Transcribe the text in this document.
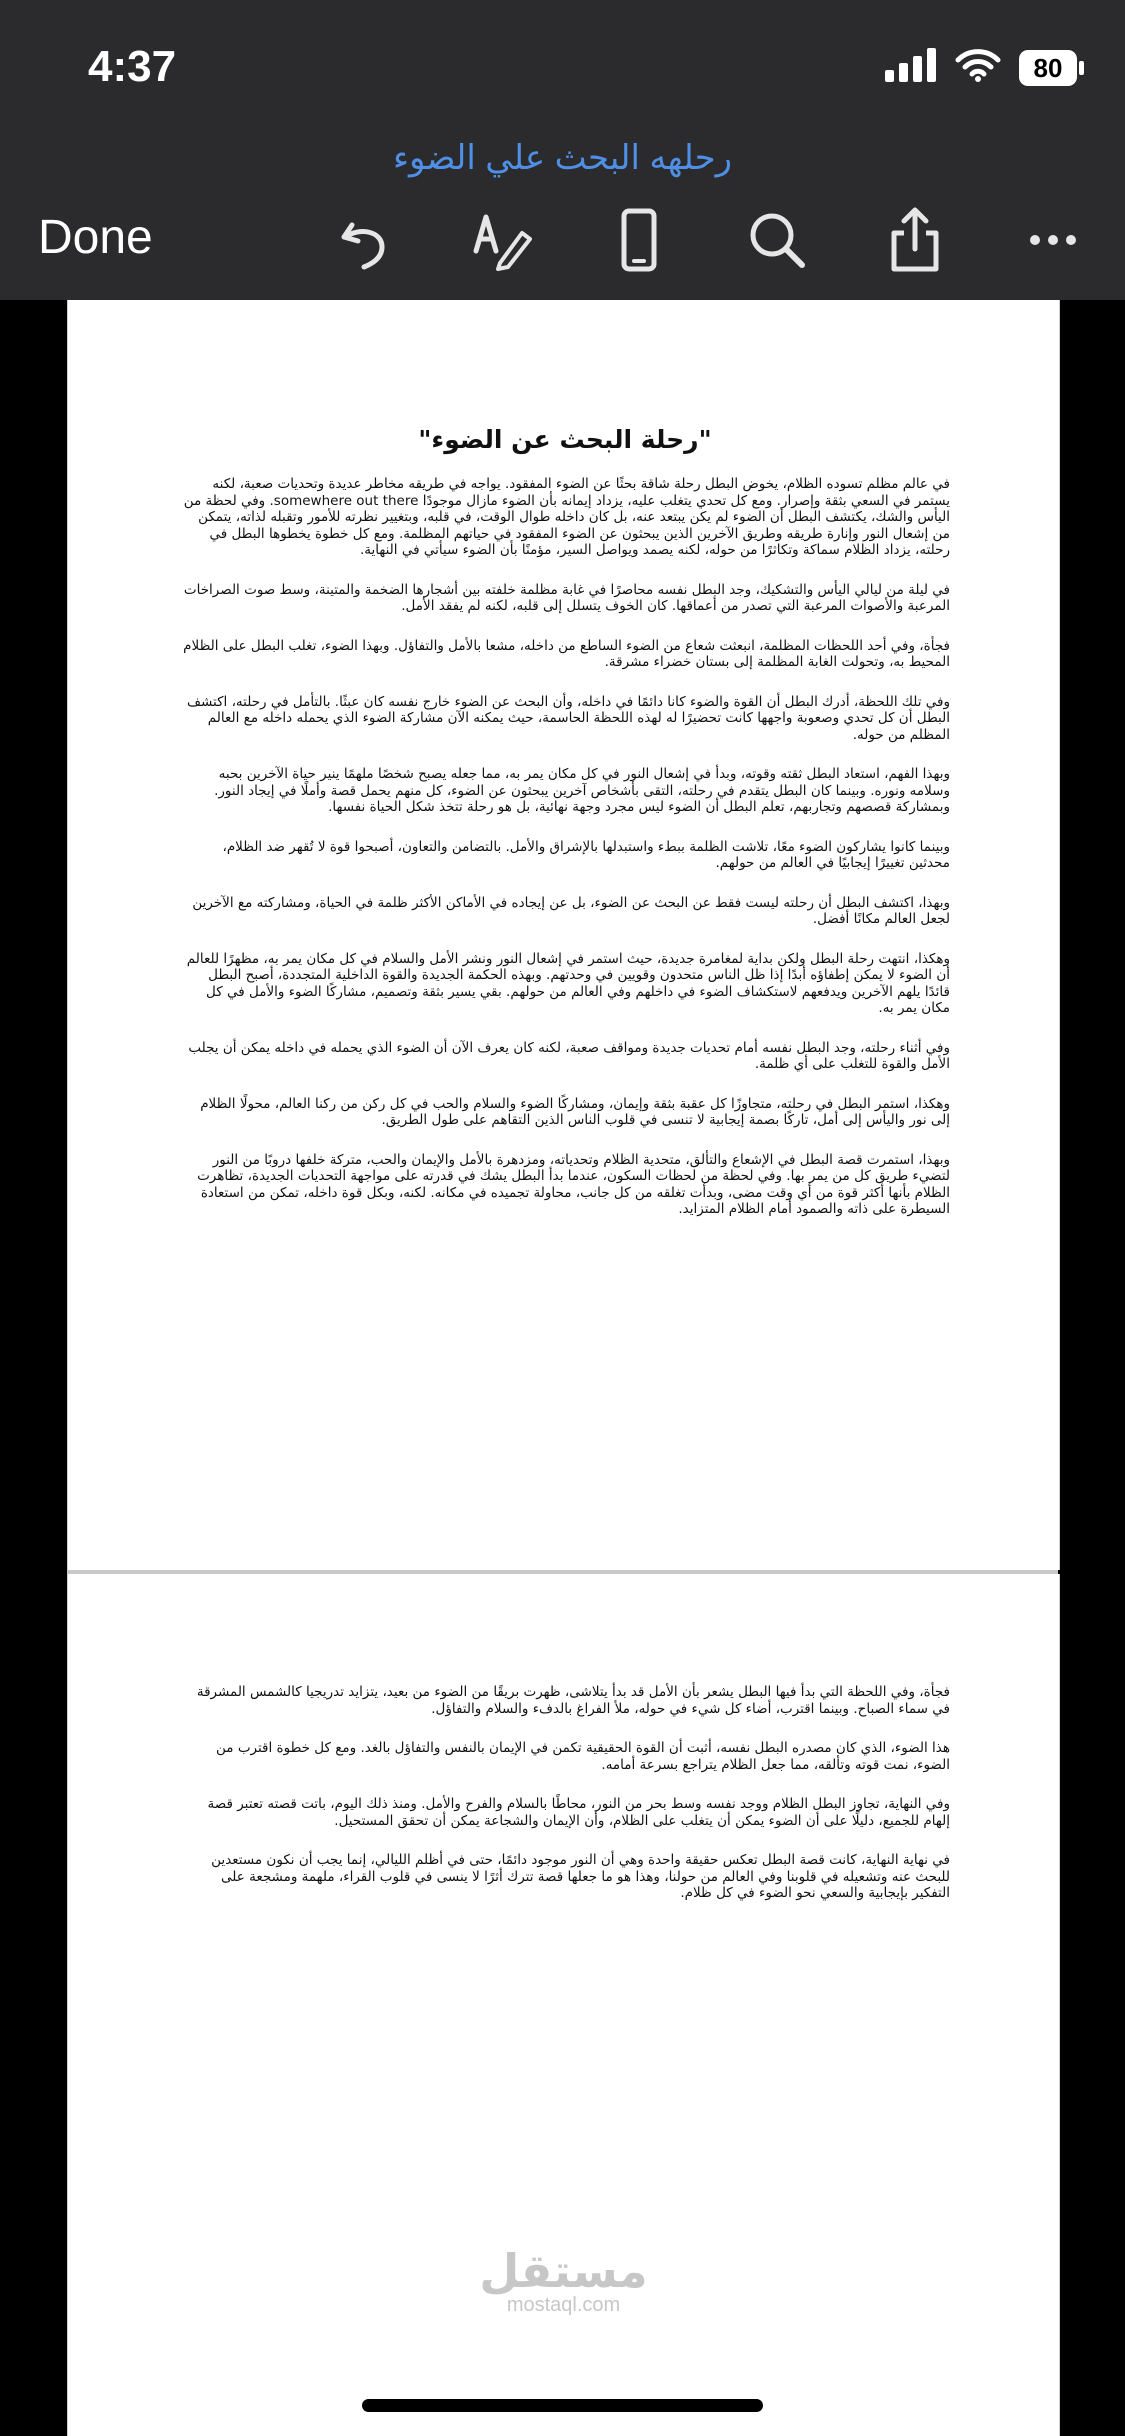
4:37	80
رحلهه البحث علي الضوء
Done
"رحلة البحث عن الضوء"

في عالم مظلم تسوده الظلام، يخوض البطل رحلة شاقة بحثًا عن الضوء المفقود. يواجه في طريقه مخاطر عديدة وتحديات صعبة، لكنه يستمر في السعي بثقة وإصرار. ومع كل تحدي يتغلب عليه، يزداد إيمانه بأن الضوء مازال موجودًا somewhere out there. وفي لحظة من اليأس والشك، يكتشف البطل أن الضوء لم يكن يبتعد عنه، بل كان داخله طوال الوقت، في قلبه، وبتغيير نظرته للأمور وتقبله لذاته، يتمكن من إشعال النور وإنارة طريقه وطريق الآخرين الذين يبحثون عن الضوء المفقود في حياتهم المظلمة. ومع كل خطوة يخطوها البطل في رحلته، يزداد الظلام سماكة وتكاثرًا من حوله، لكنه يصمد ويواصل السير، مؤمنًا بأن الضوء سيأتي في النهاية.

في ليلة من ليالي اليأس والتشكيك، وجد البطل نفسه محاصرًا في غابة مظلمة خلفته بين أشجارها الضخمة والمتينة، وسط صوت الصراخات المرعبة والأصوات المرعبة التي تصدر من أعماقها. كان الخوف يتسلل إلى قلبه، لكنه لم يفقد الأمل.

فجأة، وفي أحد اللحظات المظلمة، انبعثت شعاع من الضوء الساطع من داخله، مشعا بالأمل والتفاؤل. وبهذا الضوء، تغلب البطل على الظلام المحيط به، وتحولت الغابة المظلمة إلى بستان خضراء مشرقة.

وفي تلك اللحظة، أدرك البطل أن القوة والضوء كانا دائمًا في داخله، وأن البحث عن الضوء خارج نفسه كان عبثًا. بالتأمل في رحلته، اكتشف البطل أن كل تحدي وصعوبة واجهها كانت تحضيرًا له لهذه اللحظة الحاسمة، حيث يمكنه الآن مشاركة الضوء الذي يحمله داخله مع العالم المظلم من حوله.

وبهذا الفهم، استعاد البطل ثقته وقوته، وبدأ في إشعال النور في كل مكان يمر به، مما جعله يصبح شخصًا ملهمًا ينير حياة الآخرين بحبه وسلامه ونوره. وبينما كان البطل يتقدم في رحلته، التقى بأشخاص آخرين يبحثون عن الضوء، كل منهم يحمل قصة وأملًا في إيجاد النور. وبمشاركة قصصهم وتجاربهم، تعلم البطل أن الضوء ليس مجرد وجهة نهائية، بل هو رحلة تتخذ شكل الحياة نفسها.

وبينما كانوا يشاركون الضوء معًا، تلاشت الظلمة ببطء واستبدلها بالإشراق والأمل. بالتضامن والتعاون، أصبحوا قوة لا تُقهر ضد الظلام، محدثين تغييرًا إيجابيًا في العالم من حولهم.

وبهذا، اكتشف البطل أن رحلته ليست فقط عن البحث عن الضوء، بل عن إيجاده في الأماكن الأكثر ظلمة في الحياة، ومشاركته مع الآخرين لجعل العالم مكانًا أفضل.

وهكذا، انتهت رحلة البطل ولكن بداية لمغامرة جديدة، حيث استمر في إشعال النور ونشر الأمل والسلام في كل مكان يمر به، مظهرًا للعالم أن الضوء لا يمكن إطفاؤه أبدًا إذا ظل الناس متحدون وقويين في وحدتهم. وبهذه الحكمة الجديدة والقوة الداخلية المتجددة، أصبح البطل قائدًا يلهم الآخرين ويدفعهم لاستكشاف الضوء في داخلهم وفي العالم من حولهم. بقي يسير بثقة وتصميم، مشاركًا الضوء والأمل في كل مكان يمر به.

وفي أثناء رحلته، وجد البطل نفسه أمام تحديات جديدة ومواقف صعبة، لكنه كان يعرف الآن أن الضوء الذي يحمله في داخله يمكن أن يجلب الأمل والقوة للتغلب على أي ظلمة.

وهكذا، استمر البطل في رحلته، متجاوزًا كل عقبة بثقة وإيمان، ومشاركًا الضوء والسلام والحب في كل ركن من ركنا العالم، محولًا الظلام إلى نور واليأس إلى أمل، تاركًا بصمة إيجابية لا تنسى في قلوب الناس الذين التقاهم على طول الطريق.

وبهذا، استمرت قصة البطل في الإشعاع والتألق، متحدية الظلام وتحدياته، ومزدهرة بالأمل والإيمان والحب، متركة خلفها دروبًا من النور لتضيء طريق كل من يمر بها. وفي لحظة من لحظات السكون، عندما بدأ البطل يشك في قدرته على مواجهة التحديات الجديدة، تظاهرت الظلام بأنها أكثر قوة من أي وقت مضى، وبدأت تغلقه من كل جانب، محاولة تجميده في مكانه. لكنه، وبكل قوة داخله، تمكن من استعادة السيطرة على ذاته والصمود أمام الظلام المتزايد.

فجأة، وفي اللحظة التي بدأ فيها البطل يشعر بأن الأمل قد بدأ يتلاشى، ظهرت بريقًا من الضوء من بعيد، يتزايد تدريجيا كالشمس المشرقة في سماء الصباح. وبينما اقترب، أضاء كل شيء في حوله، ملأ الفراغ بالدفء والسلام والتفاؤل.

هذا الضوء، الذي كان مصدره البطل نفسه، أثبت أن القوة الحقيقية تكمن في الإيمان بالنفس والتفاؤل بالغد. ومع كل خطوة اقترب من الضوء، نمت قوته وتألقه، مما جعل الظلام يتراجع بسرعة أمامه.

وفي النهاية، تجاوز البطل الظلام ووجد نفسه وسط بحر من النور، محاطًا بالسلام والفرح والأمل. ومنذ ذلك اليوم، باتت قصته تعتبر قصة إلهام للجميع، دليلًا على أن الضوء يمكن أن يتغلب على الظلام، وأن الإيمان والشجاعة يمكن أن تحقق المستحيل.

في نهاية النهاية، كانت قصة البطل تعكس حقيقة واحدة وهي أن النور موجود دائمًا، حتى في أظلم الليالي، إنما يجب أن نكون مستعدين للبحث عنه وتشعيله في قلوبنا وفي العالم من حولنا، وهذا هو ما جعلها قصة تترك أثرًا لا ينسى في قلوب القراء، ملهمة ومشجعة على التفكير بإيجابية والسعي نحو الضوء في كل ظلام.

مستقل
mostaql.com
